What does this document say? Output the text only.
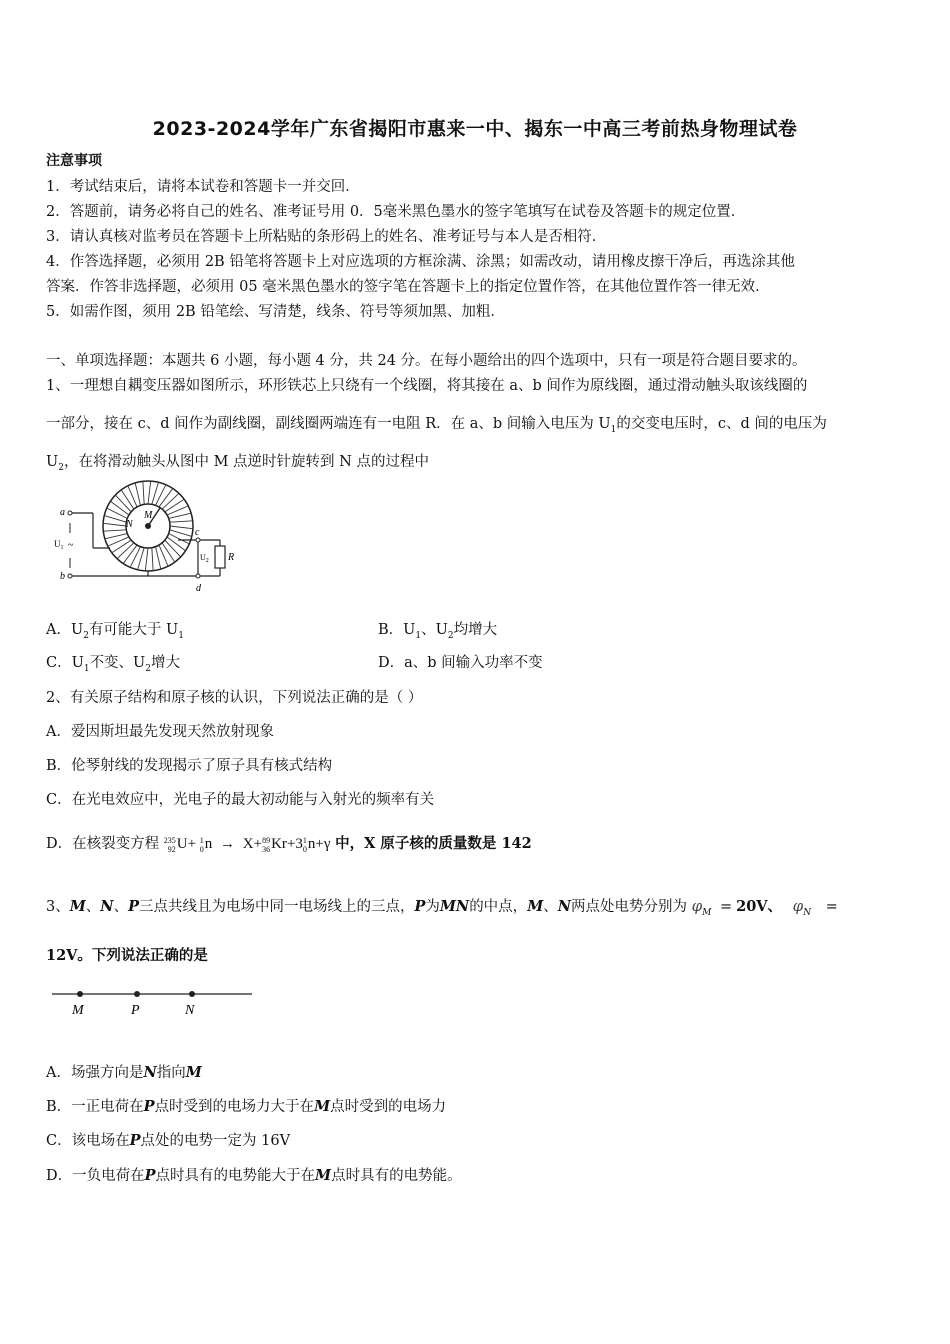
2023-2024学年广东省揭阳市惠来一中、揭东一中高三考前热身物理试卷
注意事项
1．考试结束后，请将本试卷和答题卡一并交回．
2．答题前，请务必将自己的姓名、准考证号用 0．5毫米黑色墨水的签字笔填写在试卷及答题卡的规定位置．
3．请认真核对监考员在答题卡上所粘贴的条形码上的姓名、准考证号与本人是否相符．
4．作答选择题，必须用 2B 铅笔将答题卡上对应选项的方框涂满、涂黑；如需改动，请用橡皮擦干净后，再选涂其他
答案．作答非选择题，必须用 05 毫米黑色墨水的签字笔在答题卡上的指定位置作答，在其他位置作答一律无效．
5．如需作图，须用 2B 铅笔绘、写清楚，线条、符号等须加黑、加粗．
一、单项选择题：本题共 6 小题，每小题 4 分，共 24 分。在每小题给出的四个选项中，只有一项是符合题目要求的。
1、一理想自耦变压器如图所示，环形铁芯上只绕有一个线圈，将其接在 a、b 间作为原线圈，通过滑动触头取该线圈的
一部分，接在 c、d 间作为副线圈，副线圈两端连有一电阻 R．在 a、b 间输入电压为 $U_1$的交变电压时，c、d 间的电压为
$U_2$，在将滑动触头从图中 M 点逆时针旋转到 N 点的过程中
a
b
c
d
M
N
R
$U_1$ ~
$U_2$
A．$U_2$有可能大于 $U_1$	B．$U_1$、$U_2$均增大
C．$U_1$不变、$U_2$增大	D．a、b 间输入功率不变
2、有关原子结构和原子核的认识，下列说法正确的是（ ）
A．爱因斯坦最先发现天然放射现象
B．伦琴射线的发现揭示了原子具有核式结构
C．在光电效应中，光电子的最大初动能与入射光的频率有关
D．在核裂变方程 235
92 U+ 1
0 n → X+ 89
36 Kr+3 1
0 n+γ 中，X 原子核的质量数是 142
3、M、N、P三点共线且为电场中同一电场线上的三点，P为MN的中点，M、N两点处电势分别为 $\varphi_M = 20V$、 $\varphi_N$ =
12V。下列说法正确的是
M	P	N
A．场强方向是N指向M
B．一正电荷在P点时受到的电场力大于在M点时受到的电场力
C．该电场在P点处的电势一定为 16V
D．一负电荷在P点时具有的电势能大于在M点时具有的电势能。
